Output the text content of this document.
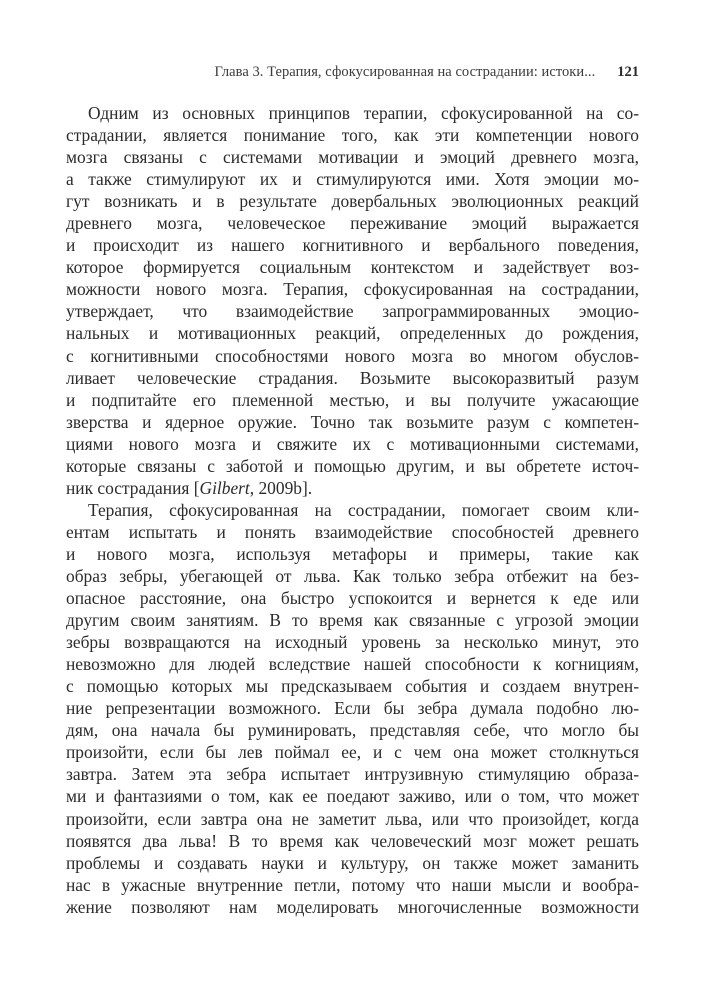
Глава 3. Терапия, сфокусированная на сострадании: истоки... 121
Одним из основных принципов терапии, сфокусированной на со-
страдании, является понимание того, как эти компетенции нового
мозга связаны с системами мотивации и эмоций древнего мозга,
а также стимулируют их и стимулируются ими. Хотя эмоции мо-
гут возникать и в результате довербальных эволюционных реакций
древнего мозга, человеческое переживание эмоций выражается
и происходит из нашего когнитивного и вербального поведения,
которое формируется социальным контекстом и задействует воз-
можности нового мозга. Терапия, сфокусированная на сострадании,
утверждает, что взаимодействие запрограммированных эмоцио-
нальных и мотивационных реакций, определенных до рождения,
с когнитивными способностями нового мозга во многом обуслов-
ливает человеческие страдания. Возьмите высокоразвитый разум
и подпитайте его племенной местью, и вы получите ужасающие
зверства и ядерное оружие. Точно так возьмите разум с компетен-
циями нового мозга и свяжите их с мотивационными системами,
которые связаны с заботой и помощью другим, и вы обретете источ-
ник сострадания [Gilbert, 2009b].
Терапия, сфокусированная на сострадании, помогает своим кли-
ентам испытать и понять взаимодействие способностей древнего
и нового мозга, используя метафоры и примеры, такие как
образ зебры, убегающей от льва. Как только зебра отбежит на без-
опасное расстояние, она быстро успокоится и вернется к еде или
другим своим занятиям. В то время как связанные с угрозой эмоции
зебры возвращаются на исходный уровень за несколько минут, это
невозможно для людей вследствие нашей способности к когнициям,
с помощью которых мы предсказываем события и создаем внутрен-
ние репрезентации возможного. Если бы зебра думала подобно лю-
дям, она начала бы руминировать, представляя себе, что могло бы
произойти, если бы лев поймал ее, и с чем она может столкнуться
завтра. Затем эта зебра испытает интрузивную стимуляцию образа-
ми и фантазиями о том, как ее поедают заживо, или о том, что может
произойти, если завтра она не заметит льва, или что произойдет, когда
появятся два льва! В то время как человеческий мозг может решать
проблемы и создавать науки и культуру, он также может заманить
нас в ужасные внутренние петли, потому что наши мысли и вообра-
жение позволяют нам моделировать многочисленные возможности
